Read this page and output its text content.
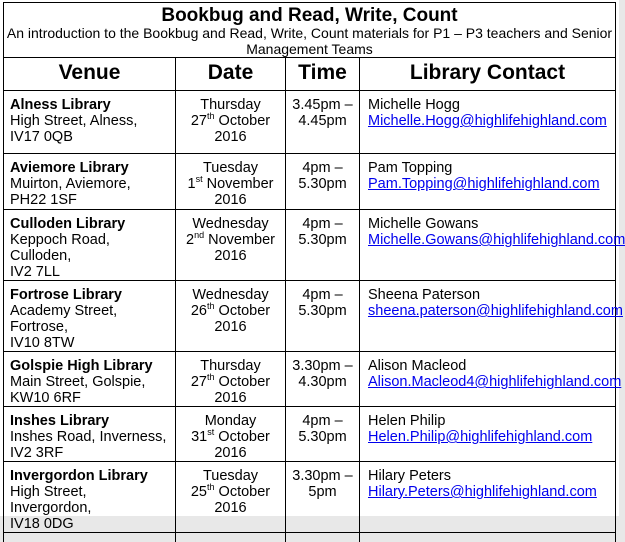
Bookbug and Read, Write, Count
An introduction to the Bookbug and Read, Write, Count materials for P1 – P3 teachers and Senior Management Teams			

Venue	Date	Time	Library Contact

Alness Library
High Street, Alness,
IV17 0QB	Thursday
27th October
2016	3.45pm –
4.45pm	Michelle Hogg
Michelle.Hogg@highlifehighland.com

Aviemore Library
Muirton, Aviemore,
PH22 1SF	Tuesday
1st November
2016	4pm –
5.30pm	Pam Topping
Pam.Topping@highlifehighland.com

Culloden Library
Keppoch Road, Culloden,
IV2 7LL	Wednesday
2nd November
2016	4pm –
5.30pm	Michelle Gowans
Michelle.Gowans@highlifehighland.com

Fortrose Library
Academy Street, Fortrose,
IV10 8TW	Wednesday
26th October
2016	4pm –
5.30pm	Sheena Paterson
sheena.paterson@highlifehighland.com

Golspie High Library
Main Street, Golspie,
KW10 6RF	Thursday
27th October
2016	3.30pm –
4.30pm	Alison Macleod
Alison.Macleod4@highlifehighland.com

Inshes Library
Inshes Road, Inverness,
IV2 3RF	Monday
31st October
2016	4pm –
5.30pm	Helen Philip
Helen.Philip@highlifehighland.com

Invergordon Library
High Street, Invergordon,
IV18 0DG	Tuesday
25th October
2016	3.30pm –
5pm	Hilary Peters
Hilary.Peters@highlifehighland.com
